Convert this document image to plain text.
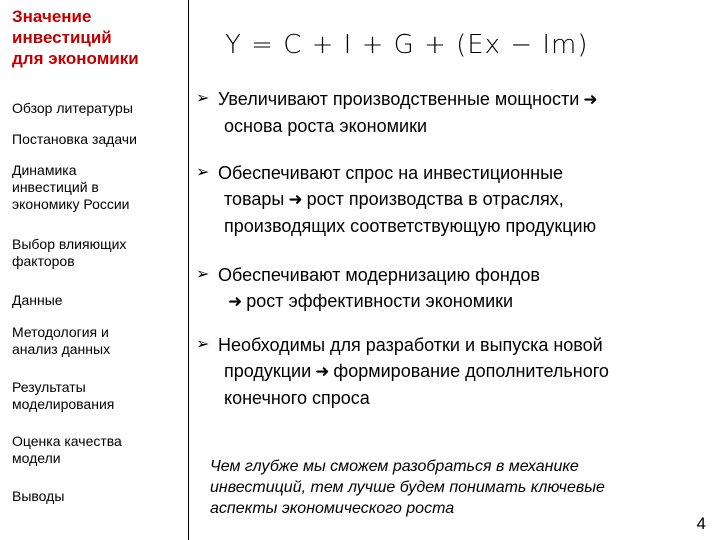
Значение
инвестиций
для экономики
Обзор литературы
Постановка задачи
Динамика
инвестиций в
экономику России
Выбор влияющих
факторов
Данные
Методология и
анализ данных
Результаты
моделирования
Оценка качества
модели
Выводы
Y = C + I + G + (Ex − Im)
➢ Увеличивают производственные мощности ➜
основа роста экономики
➢ Обеспечивают спрос на инвестиционные
товары ➜ рост производства в отраслях,
производящих соответствующую продукцию
➢ Обеспечивают модернизацию фондов
➜ рост эффективности экономики
➢ Необходимы для разработки и выпуска новой
продукции ➜ формирование дополнительного
конечного спроса
Чем глубже мы сможем разобраться в механике
инвестиций, тем лучше будем понимать ключевые
аспекты экономического роста
4
